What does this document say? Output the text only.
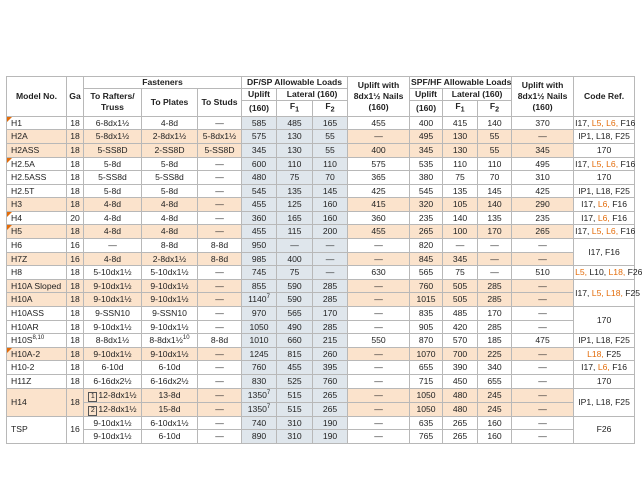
Model No.	Ga	Fasteners			DF/SP Allowable Loads			Uplift with 8dx1½ Nails (160)	SPF/HF Allowable Loads			Uplift with 8dx1½ Nails (160)	Code Ref.
		To Rafters/ Truss	To Plates	To Studs	Uplift	Lateral (160)			Uplift	Lateral (160)			
					(160)	$F_1$	$F_2$		(160)	$F_1$	$F_2$
H1	18	6-8dx1½	4-8d	—	585	485	165	455	400	415	140	370	I17, L5, L6, F16
H2A	18	5-8dx1½	2-8dx1½	5-8dx1½	575	130	55	—	495	130	55	—	IP1, L18, F25
H2ASS	18	5-SS8D	2-SS8D	5-SS8D	345	130	55	400	345	130	55	345	170
H2.5A	18	5-8d	5-8d	—	600	110	110	575	535	110	110	495	I17, L5, L6, F16
H2.5ASS	18	5-SS8d	5-SS8d	—	480	75	70	365	380	75	70	310	170
H2.5T	18	5-8d	5-8d	—	545	135	145	425	545	135	145	425	IP1, L18, F25
H3	18	4-8d	4-8d	—	455	125	160	415	320	105	140	290	I17, L6, F16
H4	20	4-8d	4-8d	—	360	165	160	360	235	140	135	235	I17, L6, F16
H5	18	4-8d	4-8d	—	455	115	200	455	265	100	170	265	I17, L5, L6, F16
H6	16	—	8-8d	8-8d	950	—	—	—	820	—	—	—	I17, F16
H7Z	16	4-8d	2-8dx1½	8-8d	985	400	—	—	845	345	—	—	
H8	18	5-10dx1½	5-10dx1½	—	745	75	—	630	565	75	—	510	L5, L10, L18, F26
H10A Sloped	18	9-10dx1½	9-10dx1½	—	855	590	285	—	760	505	285	—	I17, L5, L18, F25
H10A	18	9-10dx1½	9-10dx1½	—	1140$^7$	590	285	—	1015	505	285	—	
H10ASS	18	9-SSN10	9-SSN10	—	970	565	170	—	835	485	170	—	170
H10AR	18	9-10dx1½	9-10dx1½	—	1050	490	285	—	905	420	285	—	
$H10S^{8,10}$	18	8-8dx1½	8-8dx1½$^{10}$	8-8d	1010	660	215	550	870	570	185	475	IP1, L18, F25
H10A-2	18	9-10dx1½	9-10dx1½	—	1245	815	260	—	1070	700	225	—	L18, F25
H10-2	18	6-10d	6-10d	—	760	455	395	—	655	390	340	—	I17, L6, F16
H11Z	18	6-16dx2½	6-16dx2½	—	830	525	760	—	715	450	655	—	170
H14	18	1 12-8dx1½	13-8d	—	1350$^7$	515	265	—	1050	480	245	—	IP1, L18, F25
		2 12-8dx1½	15-8d	—	1350$^7$	515	265	—	1050	480	245	—	
TSP	16	9-10dx1½	6-10dx1½	—	740	310	190	—	635	265	160	—	F26
		9-10dx1½	6-10d	—	890	310	190	—	765	265	160	—	
